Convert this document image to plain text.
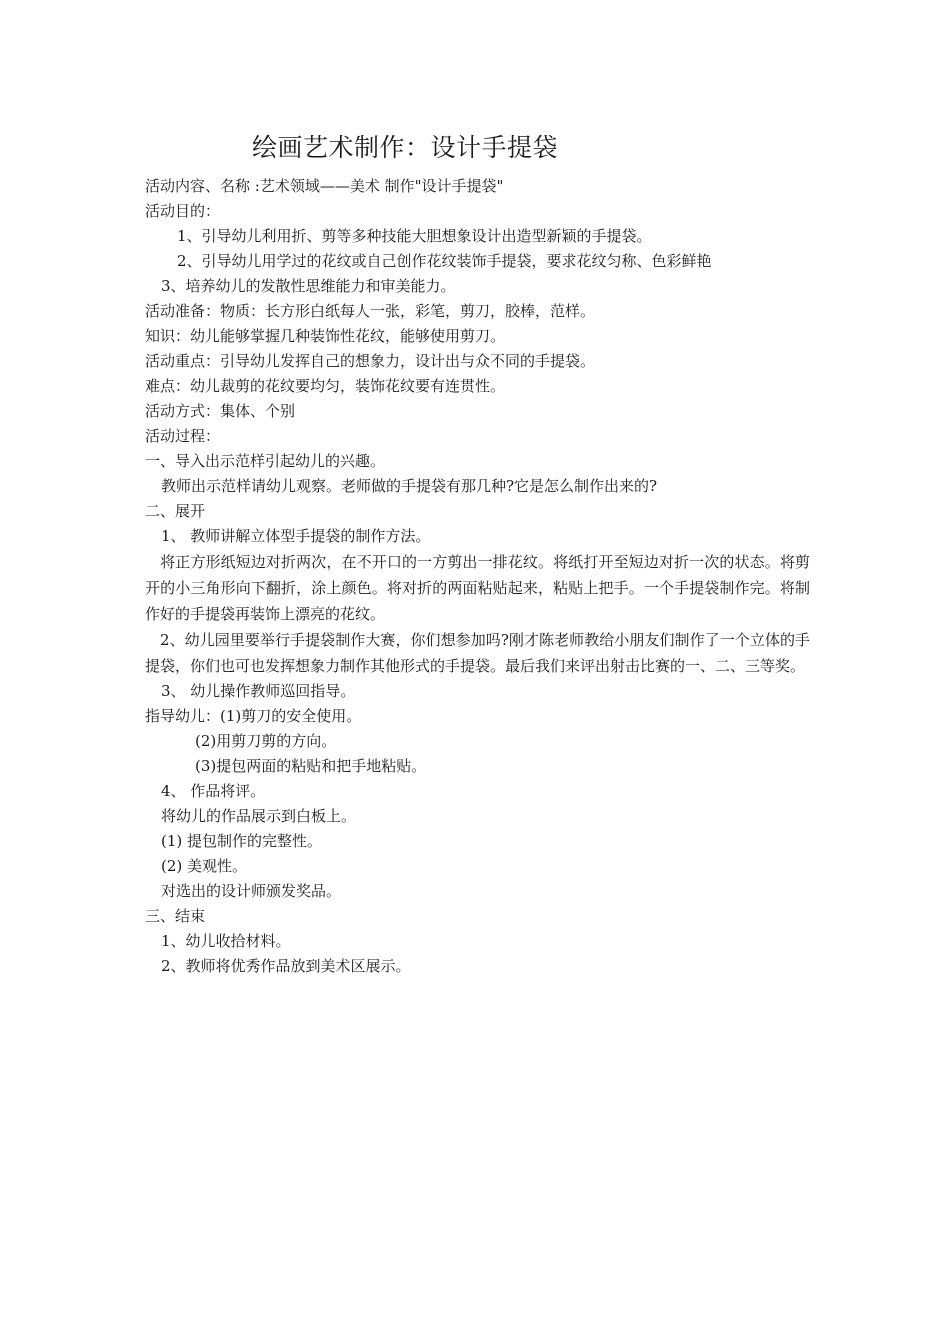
绘画艺术制作：设计手提袋
活动内容、名称 :艺术领域——美术 制作"设计手提袋"
活动目的：
1、引导幼儿利用折、剪等多种技能大胆想象设计出造型新颖的手提袋。
2、引导幼儿用学过的花纹或自己创作花纹装饰手提袋，要求花纹匀称、色彩鲜艳
3、培养幼儿的发散性思维能力和审美能力。
活动准备：物质：长方形白纸每人一张，彩笔，剪刀，胶棒，范样。
知识：幼儿能够掌握几种装饰性花纹，能够使用剪刀。
活动重点：引导幼儿发挥自己的想象力，设计出与众不同的手提袋。
难点：幼儿裁剪的花纹要均匀，装饰花纹要有连贯性。
活动方式：集体、个别
活动过程：
一、导入出示范样引起幼儿的兴趣。
教师出示范样请幼儿观察。老师做的手提袋有那几种?它是怎么制作出来的?
二、展开
1、 教师讲解立体型手提袋的制作方法。
 将正方形纸短边对折两次，在不开口的一方剪出一排花纹。将纸打开至短边对折一次的状态。将剪开的小三角形向下翻折，涂上颜色。将对折的两面粘贴起来，粘贴上把手。一个手提袋制作完。将制作好的手提袋再装饰上漂亮的花纹。
 2、幼儿园里要举行手提袋制作大赛，你们想参加吗?刚才陈老师教给小朋友们制作了一个立体的手提袋，你们也可也发挥想象力制作其他形式的手提袋。最后我们来评出射击比赛的一、二、三等奖。
3、 幼儿操作教师巡回指导。
指导幼儿：(1)剪刀的安全使用。
(2)用剪刀剪的方向。
(3)提包两面的粘贴和把手地粘贴。
4、 作品将评。
将幼儿的作品展示到白板上。
(1) 提包制作的完整性。
(2) 美观性。
对选出的设计师颁发奖品。
三、结束
1、幼儿收拾材料。
2、教师将优秀作品放到美术区展示。
